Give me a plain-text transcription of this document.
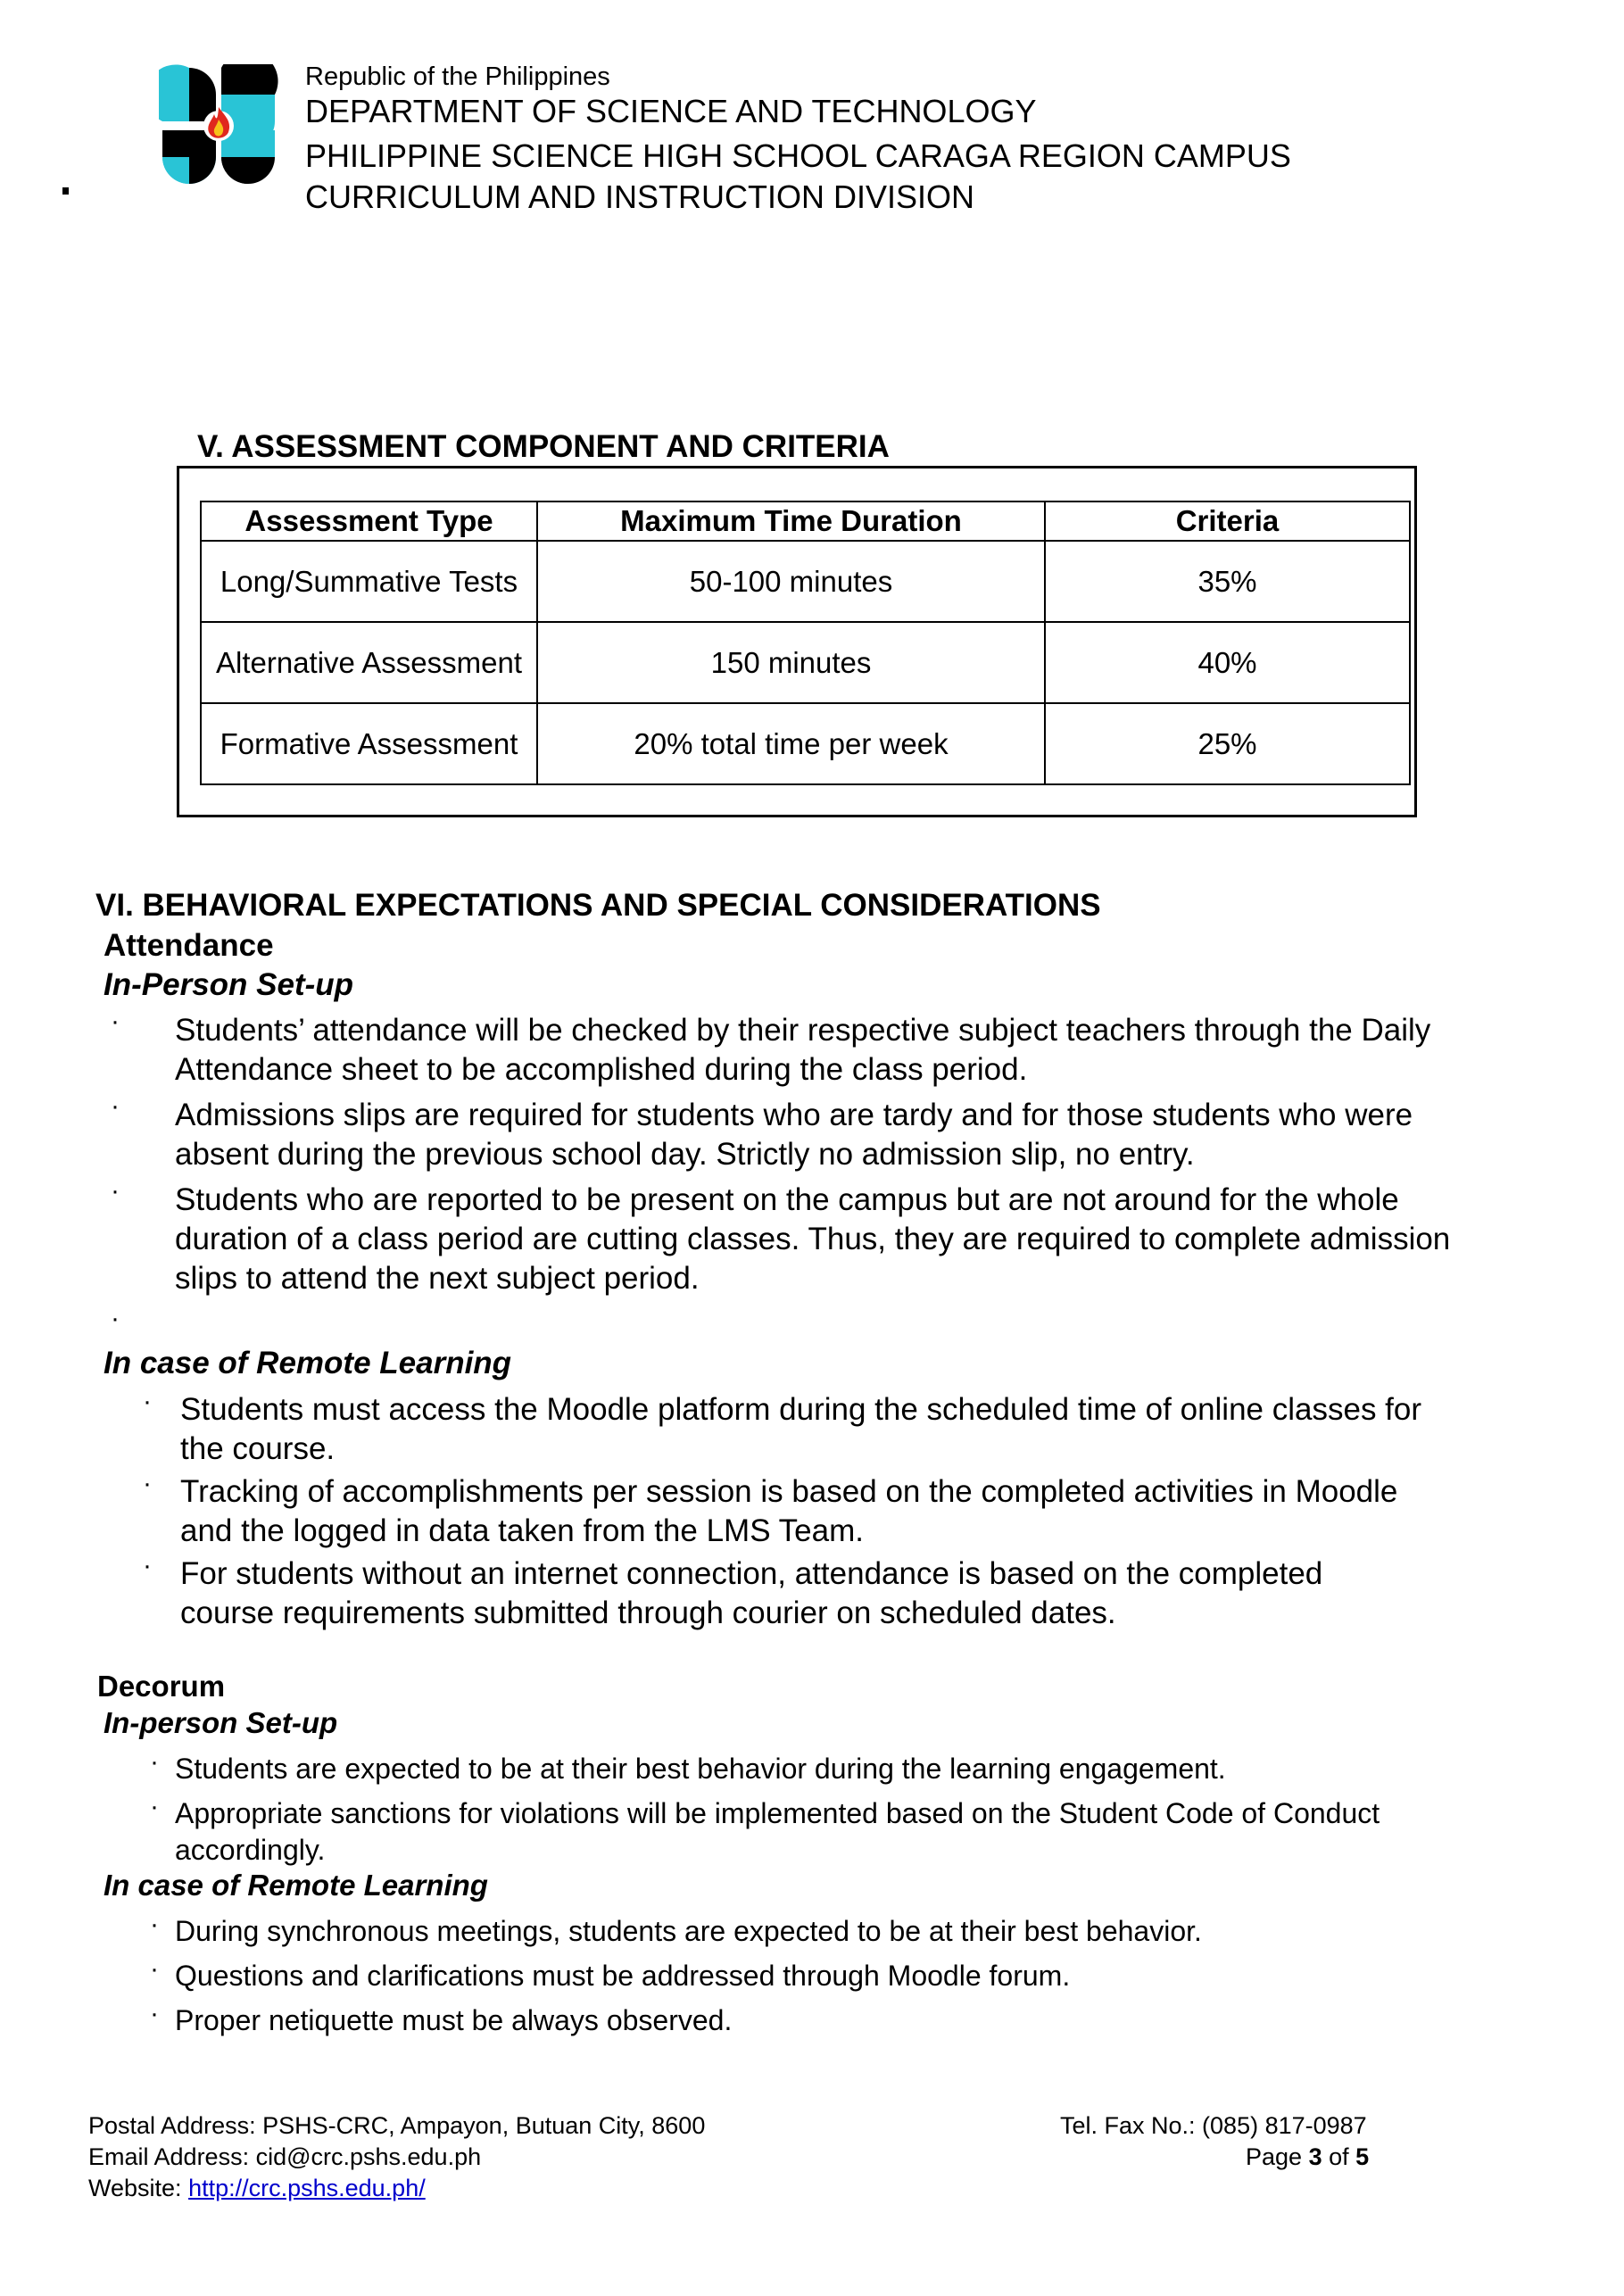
Republic of the Philippines
DEPARTMENT OF SCIENCE AND TECHNOLOGY
PHILIPPINE SCIENCE HIGH SCHOOL CARAGA REGION CAMPUS
CURRICULUM AND INSTRUCTION DIVISION
V. ASSESSMENT COMPONENT AND CRITERIA
Assessment Type	Maximum Time Duration	Criteria
Long/Summative Tests	50-100 minutes	35%
Alternative Assessment	150 minutes	40%
Formative Assessment	20% total time per week	25%
VI. BEHAVIORAL EXPECTATIONS AND SPECIAL CONSIDERATIONS
Attendance
In-Person Set-up
· Students’ attendance will be checked by their respective subject teachers through the Daily
Attendance sheet to be accomplished during the class period.
· Admissions slips are required for students who are tardy and for those students who were
absent during the previous school day. Strictly no admission slip, no entry.
· Students who are reported to be present on the campus but are not around for the whole
duration of a class period are cutting classes. Thus, they are required to complete admission
slips to attend the next subject period.
·
In case of Remote Learning
· Students must access the Moodle platform during the scheduled time of online classes for
the course.
· Tracking of accomplishments per session is based on the completed activities in Moodle
and the logged in data taken from the LMS Team.
· For students without an internet connection, attendance is based on the completed
course requirements submitted through courier on scheduled dates.
Decorum
In-person Set-up
· Students are expected to be at their best behavior during the learning engagement.
· Appropriate sanctions for violations will be implemented based on the Student Code of Conduct
accordingly.
In case of Remote Learning
· During synchronous meetings, students are expected to be at their best behavior.
· Questions and clarifications must be addressed through Moodle forum.
· Proper netiquette must be always observed.
Postal Address: PSHS-CRC, Ampayon, Butuan City, 8600
Email Address: cid@crc.pshs.edu.ph
Website: http://crc.pshs.edu.ph/
Tel. Fax No.: (085) 817-0987
Page 3 of 5
